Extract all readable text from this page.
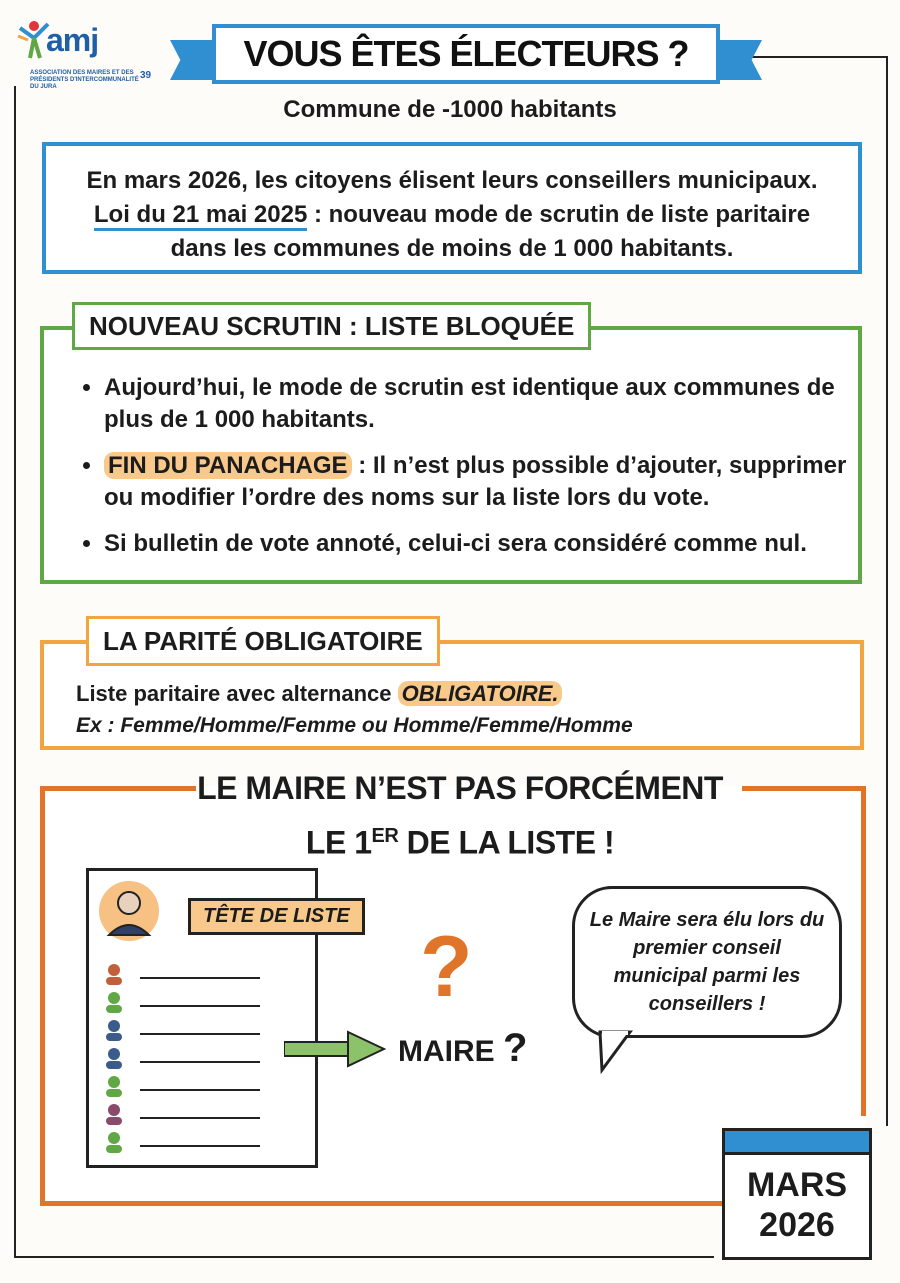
amj
ASSOCIATION DES MAIRES ET DES PRÉSIDENTS D'INTERCOMMUNALITÉ DU JURA
39
VOUS ÊTES ÉLECTEURS ?
Commune de -1000 habitants
En mars 2026, les citoyens élisent leurs conseillers municipaux.
Loi du 21 mai 2025 : nouveau mode de scrutin de liste paritaire
dans les communes de moins de 1 000 habitants.
NOUVEAU SCRUTIN : LISTE BLOQUÉE
• Aujourd’hui, le mode de scrutin est identique aux communes de plus de 1 000 habitants.
• FIN DU PANACHAGE : Il n’est plus possible d’ajouter, supprimer ou modifier l’ordre des noms sur la liste lors du vote.
• Si bulletin de vote annoté, celui-ci sera considéré comme nul.
LA PARITÉ OBLIGATOIRE
Liste paritaire avec alternance OBLIGATOIRE.
Ex : Femme/Homme/Femme ou Homme/Femme/Homme
LE MAIRE N’EST PAS FORCÉMENT
LE 1ER DE LA LISTE !
TÊTE DE LISTE
?
MAIRE ?
Le Maire sera élu lors du premier conseil municipal parmi les conseillers !
MARS
2026
